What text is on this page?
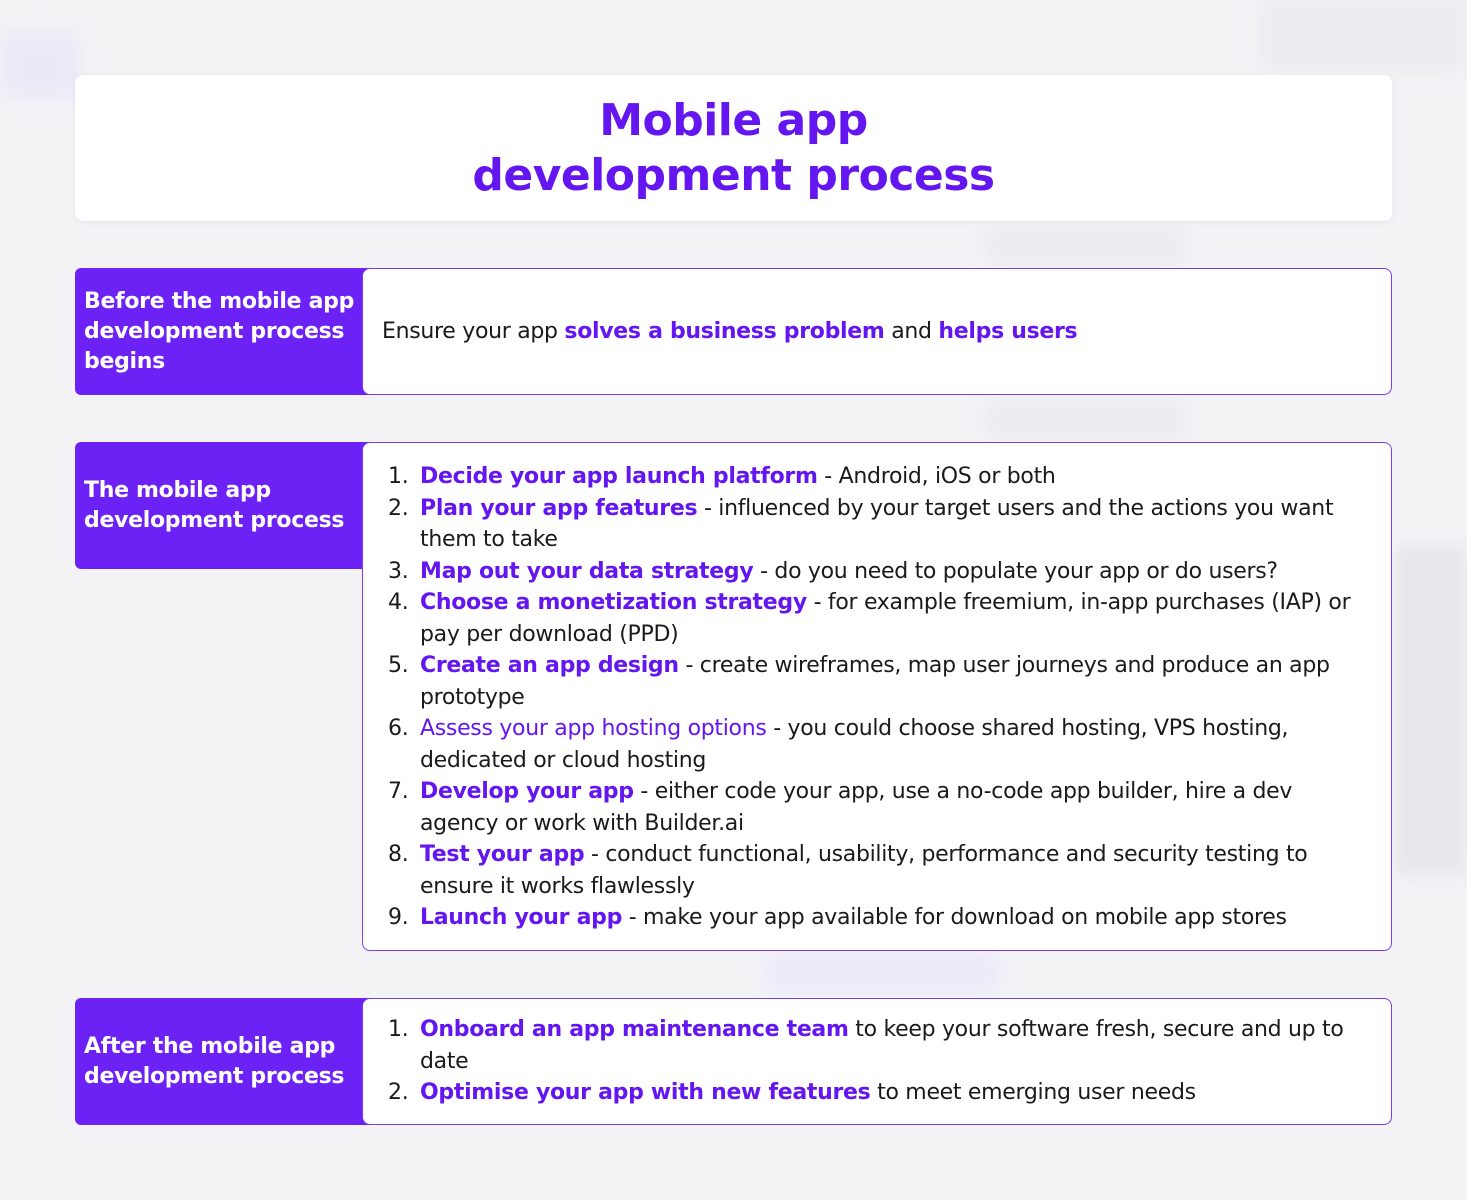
Mobile app
development process
Before the mobile app development process begins
Ensure your app solves a business problem and helps users
The mobile app development process
1. Decide your app launch platform - Android, iOS or both
2. Plan your app features - influenced by your target users and the actions you want them to take
3. Map out your data strategy - do you need to populate your app or do users?
4. Choose a monetization strategy - for example freemium, in-app purchases (IAP) or pay per download (PPD)
5. Create an app design - create wireframes, map user journeys and produce an app prototype
6. Assess your app hosting options - you could choose shared hosting, VPS hosting, dedicated or cloud hosting
7. Develop your app - either code your app, use a no-code app builder, hire a dev agency or work with Builder.ai
8. Test your app - conduct functional, usability, performance and security testing to ensure it works flawlessly
9. Launch your app - make your app available for download on mobile app stores
After the mobile app development process
1. Onboard an app maintenance team to keep your software fresh, secure and up to date
2. Optimise your app with new features to meet emerging user needs
